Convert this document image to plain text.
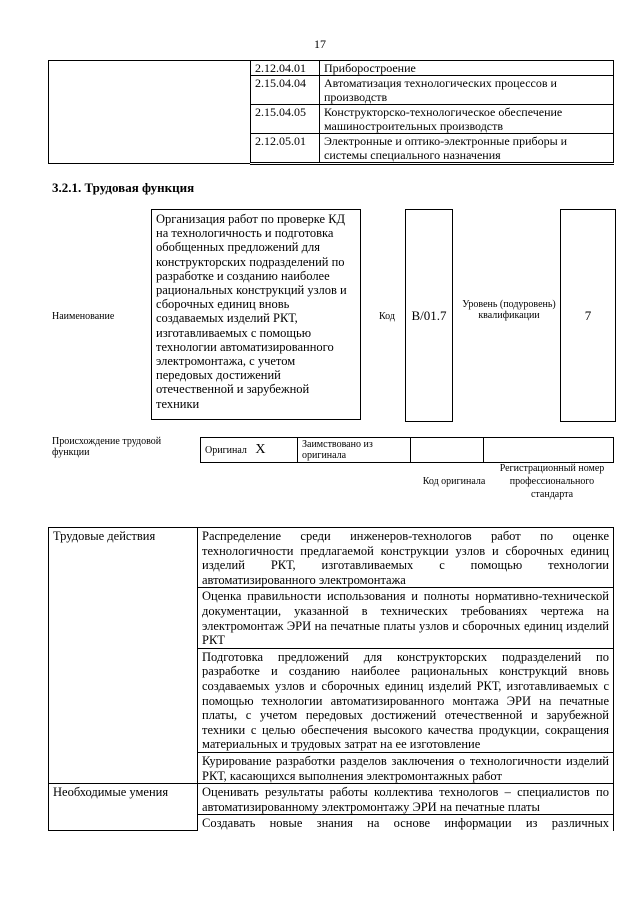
17
	2.12.04.01	Приборостроение
	2.15.04.04	Автоматизация технологических процессов и производств
	2.15.04.05	Конструкторско-технологическое обеспечение машиностроительных производств
	2.12.05.01	Электронные и оптико-электронные приборы и системы специального назначения
3.2.1. Трудовая функция
Наименование
Организация работ по проверке КД
на технологичность и подготовка
обобщенных предложений для
конструкторских подразделений по
разработке и созданию наиболее
рациональных конструкций узлов и
сборочных единиц вновь
создаваемых изделий РКТ,
изготавливаемых с помощью
технологии автоматизированного
электромонтажа, с учетом
передовых достижений
отечественной и зарубежной
техники
Код	B/01.7
Уровень (подуровень) квалификации	7
Происхождение трудовой функции	Оригинал X	Заимствовано из оригинала		
Код оригинала
Регистрационный номер профессионального стандарта
Трудовые действия	Распределение среди инженеров-технологов работ по оценке технологичности предлагаемой конструкции узлов и сборочных единиц изделий РКТ, изготавливаемых с помощью технологии автоматизированного электромонтажа
	Оценка правильности использования и полноты нормативно-технической документации, указанной в технических требованиях чертежа на электромонтаж ЭРИ на печатные платы узлов и сборочных единиц изделий РКТ
	Подготовка предложений для конструкторских подразделений по разработке и созданию наиболее рациональных конструкций вновь создаваемых узлов и сборочных единиц изделий РКТ, изготавливаемых с помощью технологии автоматизированного монтажа ЭРИ на печатные платы, с учетом передовых достижений отечественной и зарубежной техники с целью обеспечения высокого качества продукции, сокращения материальных и трудовых затрат на ее изготовление
	Курирование разработки разделов заключения о технологичности изделий РКТ, касающихся выполнения электромонтажных работ
Необходимые умения	Оценивать результаты работы коллектива технологов – специалистов по автоматизированному электромонтажу ЭРИ на печатные платы
	Создавать новые знания на основе информации из различных
